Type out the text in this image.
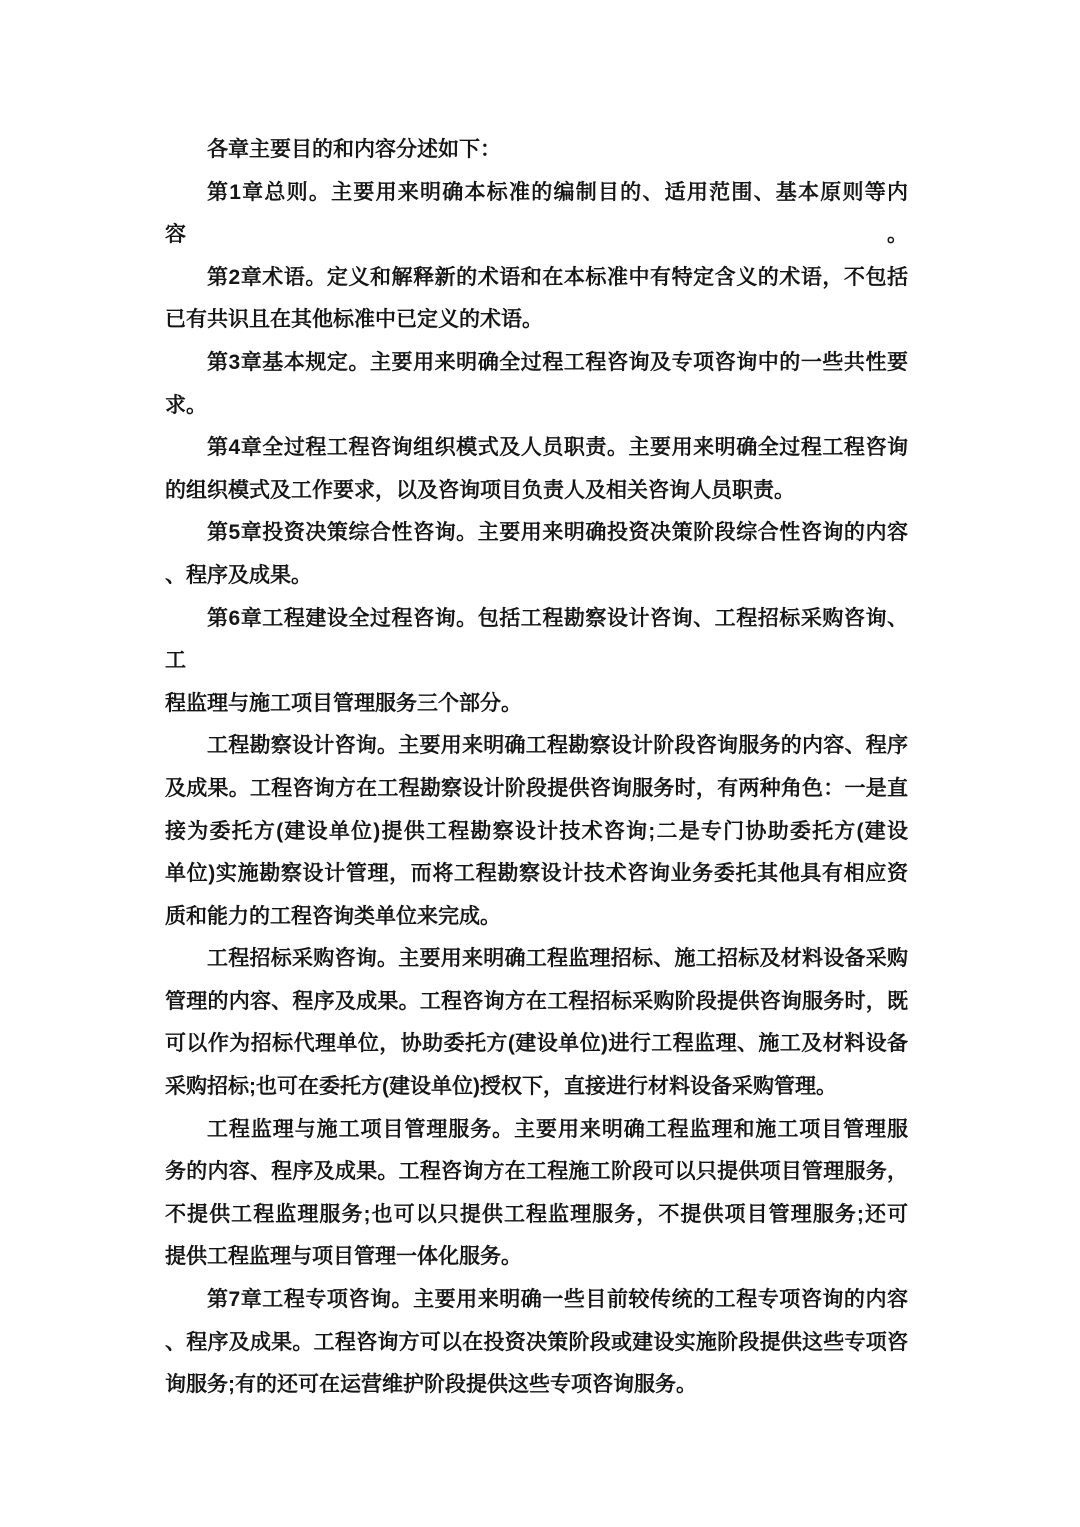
各章主要目的和内容分述如下：

第1章总则。主要用来明确本标准的编制目的、适用范围、基本原则等内容。

第2章术语。定义和解释新的术语和在本标准中有特定含义的术语，不包括
已有共识且在其他标准中已定义的术语。

第3章基本规定。主要用来明确全过程工程咨询及专项咨询中的一些共性要
求。

第4章全过程工程咨询组织模式及人员职责。主要用来明确全过程工程咨询
的组织模式及工作要求，以及咨询项目负责人及相关咨询人员职责。

第5章投资决策综合性咨询。主要用来明确投资决策阶段综合性咨询的内容
、程序及成果。

第6章工程建设全过程咨询。包括工程勘察设计咨询、工程招标采购咨询、工
程监理与施工项目管理服务三个部分。

工程勘察设计咨询。主要用来明确工程勘察设计阶段咨询服务的内容、程序
及成果。工程咨询方在工程勘察设计阶段提供咨询服务时，有两种角色：一是直
接为委托方(建设单位)提供工程勘察设计技术咨询;二是专门协助委托方(建设
单位)实施勘察设计管理，而将工程勘察设计技术咨询业务委托其他具有相应资
质和能力的工程咨询类单位来完成。

工程招标采购咨询。主要用来明确工程监理招标、施工招标及材料设备采购
管理的内容、程序及成果。工程咨询方在工程招标采购阶段提供咨询服务时，既
可以作为招标代理单位，协助委托方(建设单位)进行工程监理、施工及材料设备
采购招标;也可在委托方(建设单位)授权下，直接进行材料设备采购管理。

工程监理与施工项目管理服务。主要用来明确工程监理和施工项目管理服
务的内容、程序及成果。工程咨询方在工程施工阶段可以只提供项目管理服务，
不提供工程监理服务;也可以只提供工程监理服务，不提供项目管理服务;还可
提供工程监理与项目管理一体化服务。

第7章工程专项咨询。主要用来明确一些目前较传统的工程专项咨询的内容
、程序及成果。工程咨询方可以在投资决策阶段或建设实施阶段提供这些专项咨
询服务;有的还可在运营维护阶段提供这些专项咨询服务。
